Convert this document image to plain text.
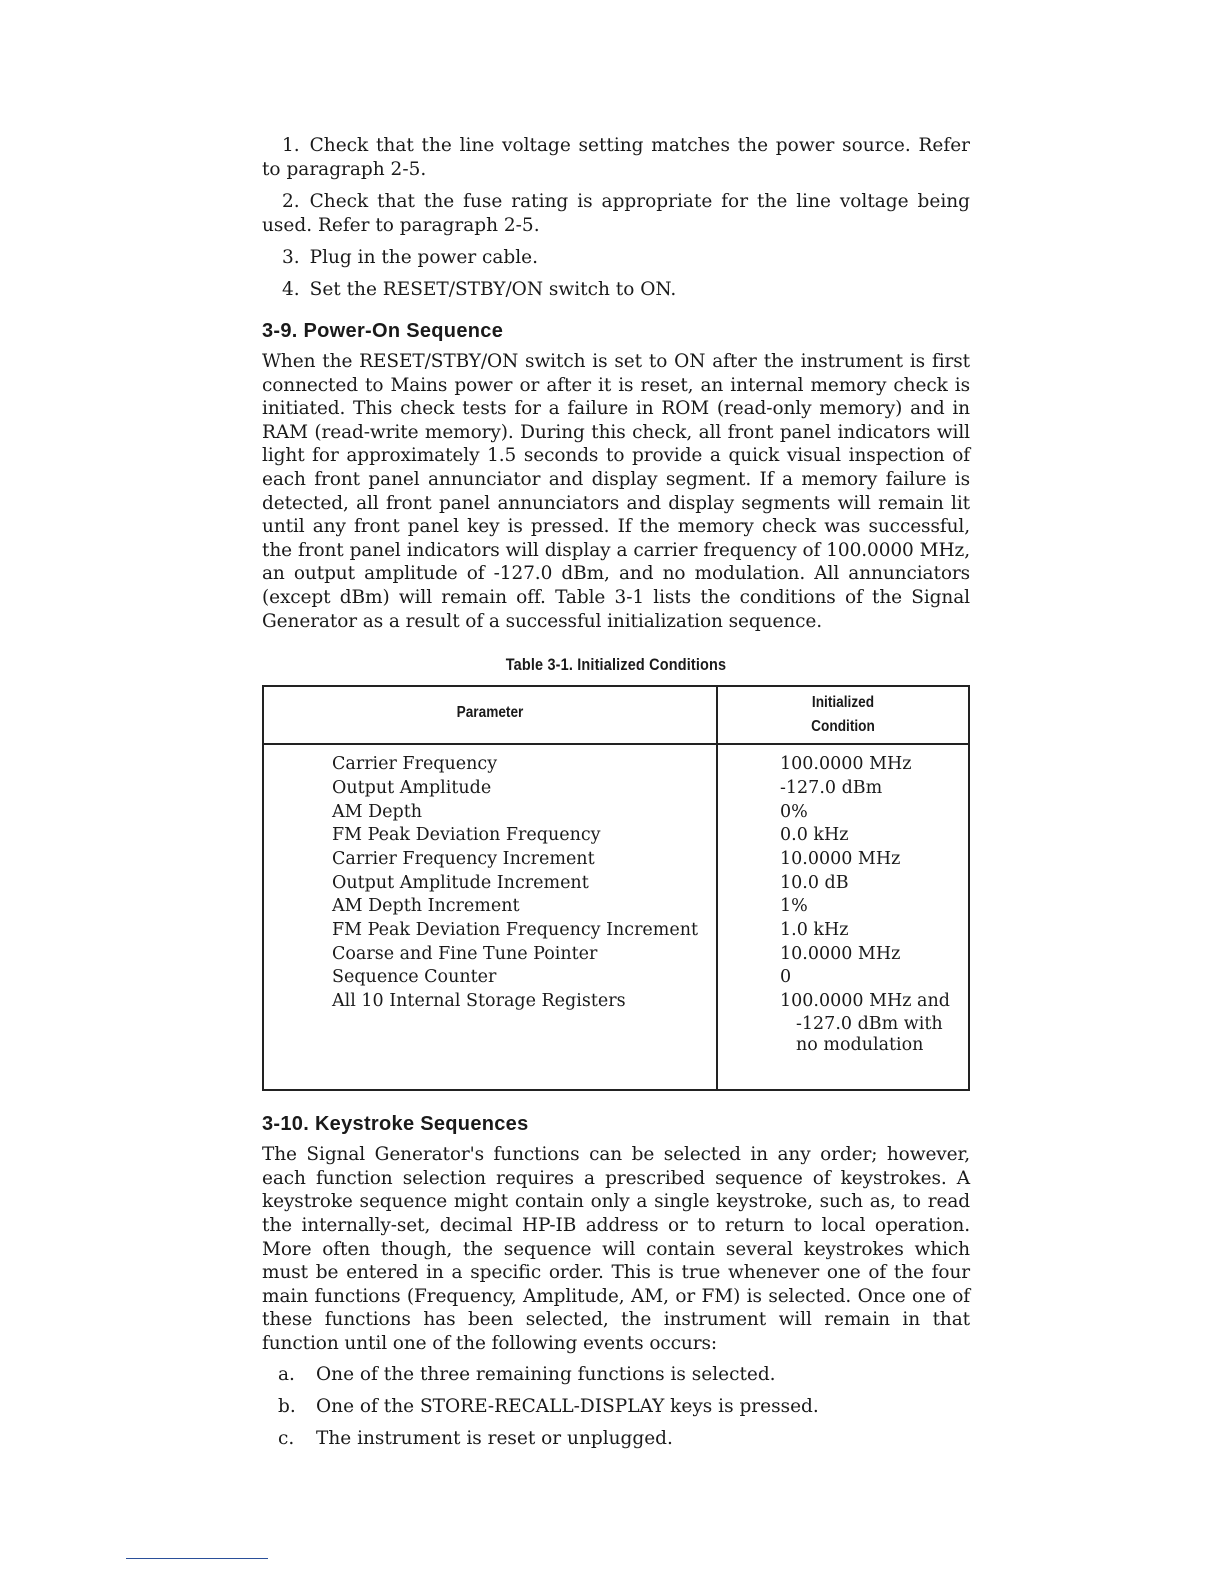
1. Check that the line voltage setting matches the power source. Refer to paragraph 2-5.
2. Check that the fuse rating is appropriate for the line voltage being used. Refer to paragraph 2-5.
3. Plug in the power cable.
4. Set the RESET/STBY/ON switch to ON.
3-9. Power-On Sequence

When the RESET/STBY/ON switch is set to ON after the instrument is first connected to Mains power or after it is reset, an internal memory check is initiated. This check tests for a failure in ROM (read-only memory) and in RAM (read-write memory). During this check, all front panel indicators will light for approximately 1.5 seconds to provide a quick visual inspection of each front panel annunciator and display segment. If a memory failure is detected, all front panel annunciators and display segments will remain lit until any front panel key is pressed. If the memory check was successful, the front panel indicators will display a carrier frequency of 100.0000 MHz, an output amplitude of -127.0 dBm, and no modulation. All annunciators (except dBm) will remain off. Table 3-1 lists the conditions of the Signal Generator as a result of a successful initialization sequence.

Table 3-1. Initialized Conditions
Parameter
Initialized
Condition
Carrier Frequency
Output Amplitude
AM Depth
FM Peak Deviation Frequency
Carrier Frequency Increment
Output Amplitude Increment
AM Depth Increment
FM Peak Deviation Frequency Increment
Coarse and Fine Tune Pointer
Sequence Counter
All 10 Internal Storage Registers
100.0000 MHz
-127.0 dBm
0%
0.0 kHz
10.0000 MHz
10.0 dB
1%
1.0 kHz
10.0000 MHz
0
100.0000 MHz and
-127.0 dBm with
no modulation
3-10. Keystroke Sequences

The Signal Generator's functions can be selected in any order; however, each function selection requires a prescribed sequence of keystrokes. A keystroke sequence might contain only a single keystroke, such as, to read the internally-set, decimal HP-IB address or to return to local operation. More often though, the sequence will contain several keystrokes which must be entered in a specific order. This is true whenever one of the four main functions (Frequency, Amplitude, AM, or FM) is selected. Once one of these functions has been selected, the instrument will remain in that function until one of the following events occurs:

a. One of the three remaining functions is selected.
b. One of the STORE-RECALL-DISPLAY keys is pressed.
c. The instrument is reset or unplugged.
